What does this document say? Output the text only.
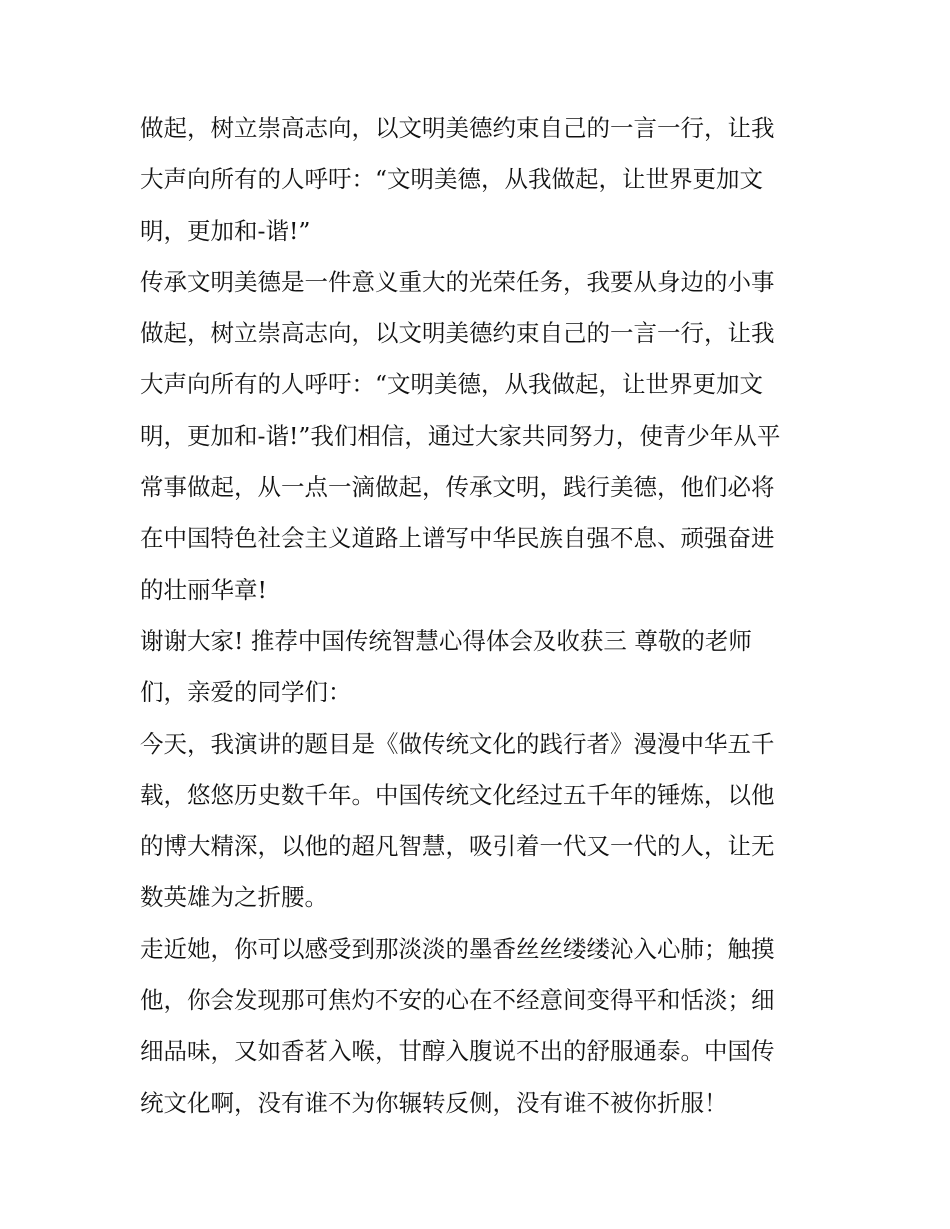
做起，树立崇高志向，以文明美德约束自己的一言一行，让我
大声向所有的人呼吁：“文明美德，从我做起，让世界更加文
明，更加和-谐!”
传承文明美德是一件意义重大的光荣任务，我要从身边的小事
做起，树立崇高志向，以文明美德约束自己的一言一行，让我
大声向所有的人呼吁：“文明美德，从我做起，让世界更加文
明，更加和-谐!”我们相信，通过大家共同努力，使青少年从平
常事做起，从一点一滴做起，传承文明，践行美德，他们必将
在中国特色社会主义道路上谱写中华民族自强不息、顽强奋进
的壮丽华章!
谢谢大家! 推荐中国传统智慧心得体会及收获三 尊敬的老师
们，亲爱的同学们：
今天，我演讲的题目是《做传统文化的践行者》漫漫中华五千
载，悠悠历史数千年。中国传统文化经过五千年的锤炼，以他
的博大精深，以他的超凡智慧，吸引着一代又一代的人，让无
数英雄为之折腰。
走近她，你可以感受到那淡淡的墨香丝丝缕缕沁入心肺；触摸
他，你会发现那可焦灼不安的心在不经意间变得平和恬淡；细
细品味，又如香茗入喉，甘醇入腹说不出的舒服通泰。中国传
统文化啊，没有谁不为你辗转反侧，没有谁不被你折服！
